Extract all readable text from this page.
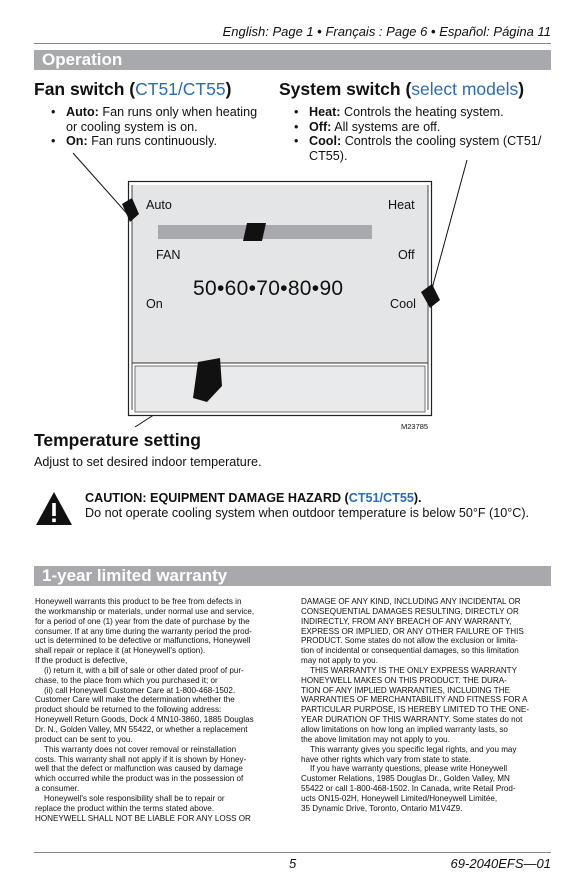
English: Page 1 • Français : Page 6 • Español: Página 11
Operation
Fan switch (CT51/CT55)
• Auto: Fan runs only when heating
or cooling system is on.
• On: Fan runs continuously.
System switch (select models)
• Heat: Controls the heating system.
• Off: All systems are off.
• Cool: Controls the cooling system (CT51/
CT55).
Auto
FAN
On
Heat
Off
Cool
50•60•70•80•90
M23785
Temperature setting
Adjust to set desired indoor temperature.
CAUTION: EQUIPMENT DAMAGE HAZARD (CT51/CT55).
Do not operate cooling system when outdoor temperature is below 50°F (10°C).
1-year limited warranty

Honeywell warrants this product to be free from defects in

the workmanship or materials, under normal use and service,

for a period of one (1) year from the date of purchase by the

consumer. If at any time during the warranty period the prod-

uct is determined to be defective or malfunctions, Honeywell

shall repair or replace it (at Honeywell's option).

If the product is defective,

(i) return it, with a bill of sale or other dated proof of pur-

chase, to the place from which you purchased it; or

(ii) call Honeywell Customer Care at 1-800-468-1502.

Customer Care will make the determination whether the

product should be returned to the following address:

Honeywell Return Goods, Dock 4 MN10-3860, 1885 Douglas

Dr. N., Golden Valley, MN 55422, or whether a replacement

product can be sent to you.

This warranty does not cover removal or reinstallation

costs. This warranty shall not apply if it is shown by Honey-

well that the defect or malfunction was caused by damage

which occurred while the product was in the possession of

a consumer.

Honeywell's sole responsibility shall be to repair or

replace the product within the terms stated above.

HONEYWELL SHALL NOT BE LIABLE FOR ANY LOSS OR

DAMAGE OF ANY KIND, INCLUDING ANY INCIDENTAL OR

CONSEQUENTIAL DAMAGES RESULTING, DIRECTLY OR

INDIRECTLY, FROM ANY BREACH OF ANY WARRANTY,

EXPRESS OR IMPLIED, OR ANY OTHER FAILURE OF THIS

PRODUCT. Some states do not allow the exclusion or limita-

tion of incidental or consequential damages, so this limitation

may not apply to you.

THIS WARRANTY IS THE ONLY EXPRESS WARRANTY

HONEYWELL MAKES ON THIS PRODUCT. THE DURA-

TION OF ANY IMPLIED WARRANTIES, INCLUDING THE

WARRANTIES OF MERCHANTABILITY AND FITNESS FOR A

PARTICULAR PURPOSE, IS HEREBY LIMITED TO THE ONE-

YEAR DURATION OF THIS WARRANTY. Some states do not

allow limitations on how long an implied warranty lasts, so

the above limitation may not apply to you.

This warranty gives you specific legal rights, and you may

have other rights which vary from state to state.

If you have warranty questions, please write Honeywell

Customer Relations, 1985 Douglas Dr., Golden Valley, MN

55422 or call 1-800-468-1502. In Canada, write Retail Prod-

ucts ON15-02H, Honeywell Limited/Honeywell Limitée,

35 Dynamic Drive, Toronto, Ontario M1V4Z9.

5	69-2040EFS—01
